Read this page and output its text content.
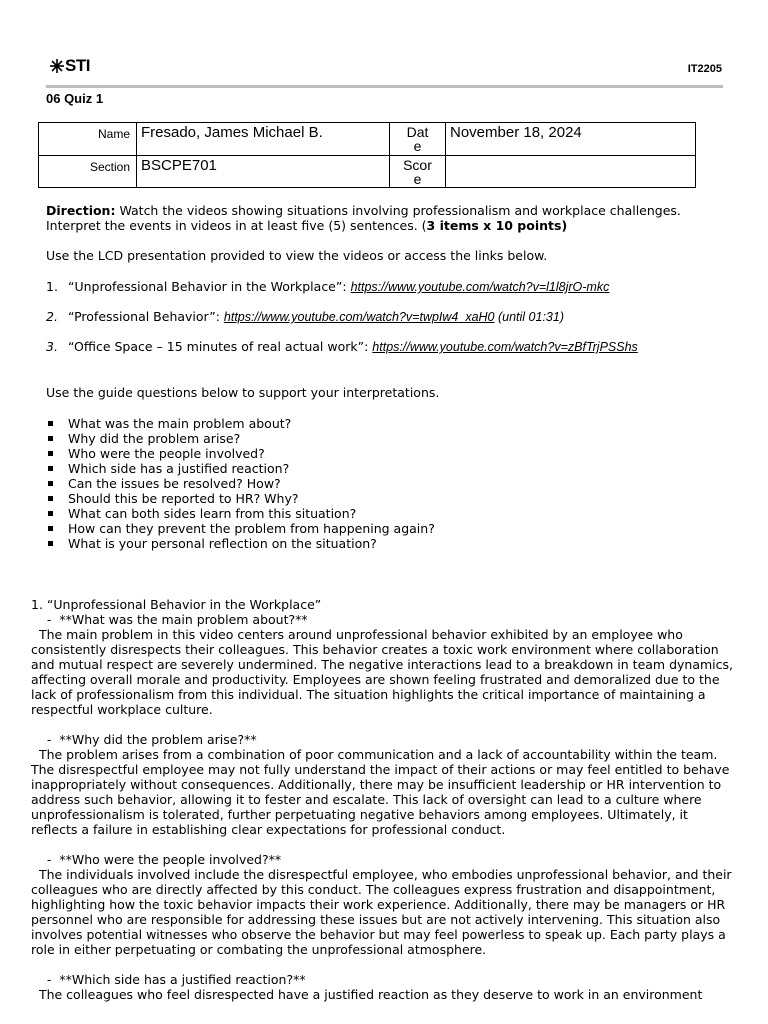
STI	IT2205
06 Quiz 1
Name	Fresado, James Michael B.	Date	November 18, 2024
Section	BSCPE701	Score	

Direction: Watch the videos showing situations involving professionalism and workplace challenges. Interpret the events in videos in at least five (5) sentences. (3 items x 10 points)
Use the LCD presentation provided to view the videos or access the links below.
1. “Unprofessional Behavior in the Workplace”: https://www.youtube.com/watch?v=l1l8jrO-mkc
2. “Professional Behavior”: https://www.youtube.com/watch?v=twpIw4_xaH0 (until 01:31)
3. “Office Space – 15 minutes of real actual work”: https://www.youtube.com/watch?v=zBfTrjPSShs
Use the guide questions below to support your interpretations.
What was the main problem about?
Why did the problem arise?
Who were the people involved?
Which side has a justified reaction?
Can the issues be resolved? How?
Should this be reported to HR? Why?
What can both sides learn from this situation?
How can they prevent the problem from happening again?
What is your personal reflection on the situation?

1. “Unprofessional Behavior in the Workplace”

-  **What was the main problem about?**

The main problem in this video centers around unprofessional behavior exhibited by an employee who consistently disrespects their colleagues. This behavior creates a toxic work environment where collaboration and mutual respect are severely undermined. The negative interactions lead to a breakdown in team dynamics, affecting overall morale and productivity. Employees are shown feeling frustrated and demoralized due to the lack of professionalism from this individual. The situation highlights the critical importance of maintaining a respectful workplace culture.

-  **Why did the problem arise?**

The problem arises from a combination of poor communication and a lack of accountability within the team. The disrespectful employee may not fully understand the impact of their actions or may feel entitled to behave inappropriately without consequences. Additionally, there may be insufficient leadership or HR intervention to address such behavior, allowing it to fester and escalate. This lack of oversight can lead to a culture where unprofessionalism is tolerated, further perpetuating negative behaviors among employees. Ultimately, it reflects a failure in establishing clear expectations for professional conduct.

-  **Who were the people involved?**

The individuals involved include the disrespectful employee, who embodies unprofessional behavior, and their colleagues who are directly affected by this conduct. The colleagues express frustration and disappointment, highlighting how the toxic behavior impacts their work experience. Additionally, there may be managers or HR personnel who are responsible for addressing these issues but are not actively intervening. This situation also involves potential witnesses who observe the behavior but may feel powerless to speak up. Each party plays a role in either perpetuating or combating the unprofessional atmosphere.

-  **Which side has a justified reaction?**

The colleagues who feel disrespected have a justified reaction as they deserve to work in an environment
